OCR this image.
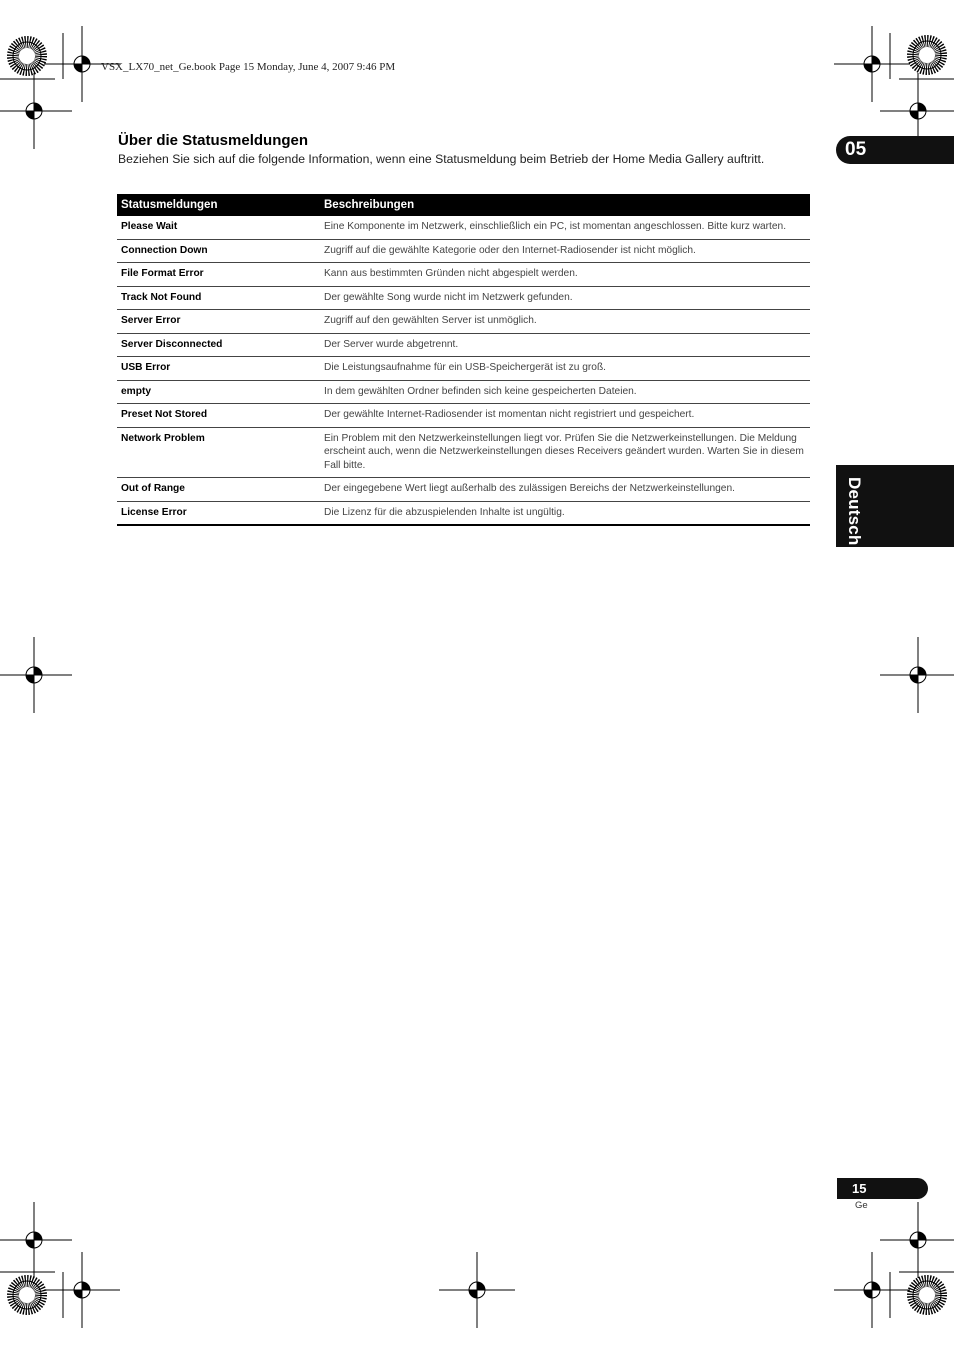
VSX_LX70_net_Ge.book Page 15 Monday, June 4, 2007 9:46 PM
05
Deutsch
Über die Statusmeldungen
Beziehen Sie sich auf die folgende Information, wenn eine Statusmeldung beim Betrieb der Home Media Gallery auftritt.
Statusmeldungen	Beschreibungen
Please Wait	Eine Komponente im Netzwerk, einschließlich ein PC, ist momentan angeschlossen. Bitte kurz warten.
Connection Down	Zugriff auf die gewählte Kategorie oder den Internet-Radiosender ist nicht möglich.
File Format Error	Kann aus bestimmten Gründen nicht abgespielt werden.
Track Not Found	Der gewählte Song wurde nicht im Netzwerk gefunden.
Server Error	Zugriff auf den gewählten Server ist unmöglich.
Server Disconnected	Der Server wurde abgetrennt.
USB Error	Die Leistungsaufnahme für ein USB-Speichergerät ist zu groß.
empty	In dem gewählten Ordner befinden sich keine gespeicherten Dateien.
Preset Not Stored	Der gewählte Internet-Radiosender ist momentan nicht registriert und gespeichert.
Network Problem	Ein Problem mit den Netzwerkeinstellungen liegt vor. Prüfen Sie die Netzwerkeinstellungen. Die Meldung erscheint auch, wenn die Netzwerkeinstellungen dieses Receivers geändert wurden. Warten Sie in diesem Fall bitte.
Out of Range	Der eingegebene Wert liegt außerhalb des zulässigen Bereichs der Netzwerkeinstellungen.
License Error	Die Lizenz für die abzuspielenden Inhalte ist ungültig.
15
Ge
